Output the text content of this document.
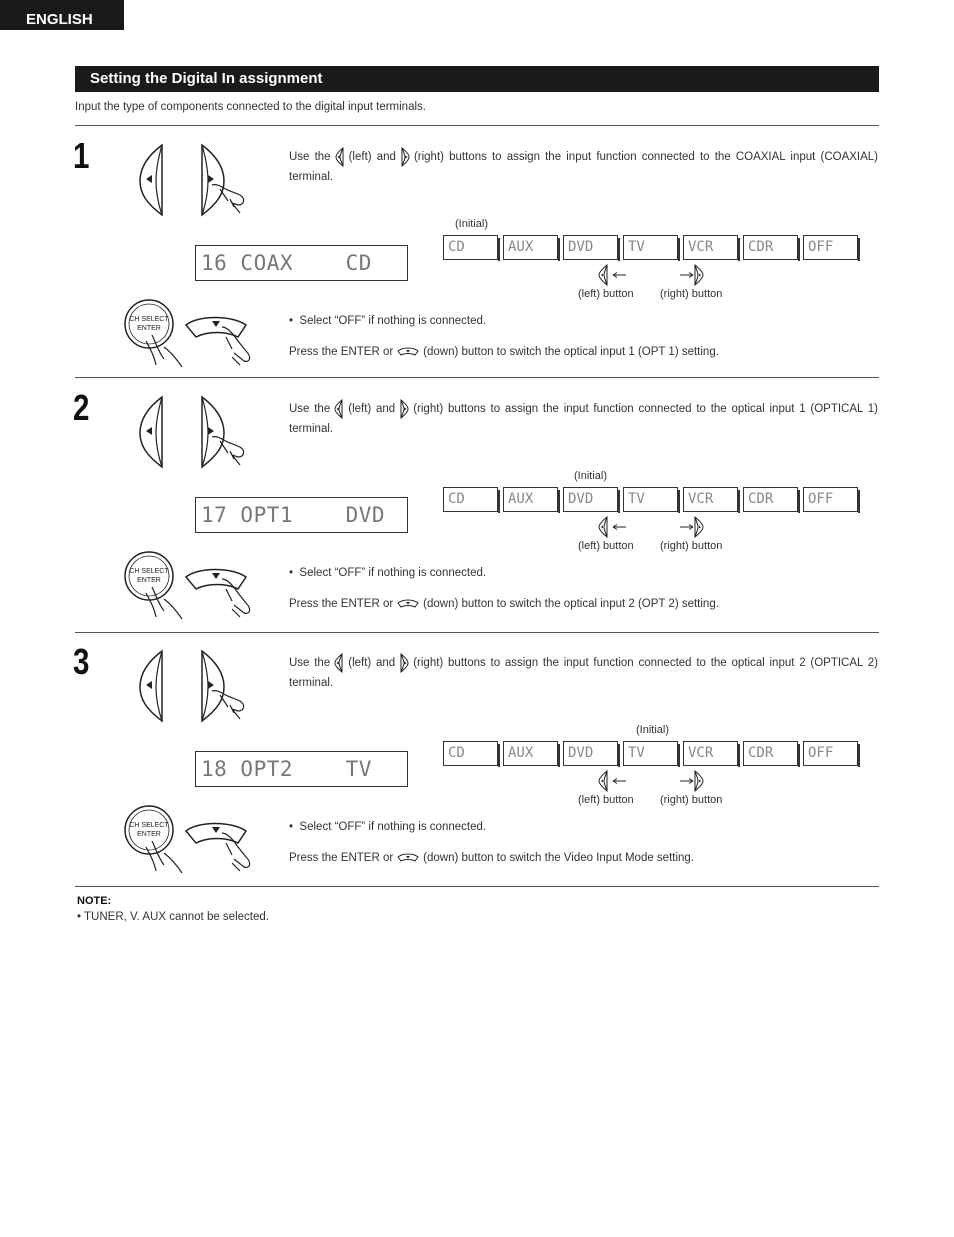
ENGLISH
Setting the Digital In assignment
Input the type of components connected to the digital input terminals.
1
16 COAX    CD
CH SELECT
ENTER
Use the (left) and (right) buttons to assign the input function connected to the COAXIAL input (COAXIAL) terminal.
(Initial)
CD	AUX	DVD	TV	VCR	CDR	OFF
(left) button (right) button
•  Select “OFF” if nothing is connected.
Press the ENTER or	(down) button to switch the optical input 1 (OPT 1) setting.
2
17 OPT1    DVD
CH SELECT
ENTER
Use the (left) and (right) buttons to assign the input function connected to the optical input 1 (OPTICAL 1) terminal.
(Initial)
CD	AUX	DVD	TV	VCR	CDR	OFF
(left) button (right) button
•  Select “OFF” if nothing is connected.
Press the ENTER or	(down) button to switch the optical input 2 (OPT 2) setting.
3
18 OPT2    TV
CH SELECT
ENTER
Use the (left) and (right) buttons to assign the input function connected to the optical input 2 (OPTICAL 2) terminal.
(Initial)
CD	AUX	DVD	TV	VCR	CDR	OFF
(left) button (right) button
•  Select “OFF” if nothing is connected.
Press the ENTER or	(down) button to switch the Video Input Mode setting.
NOTE:
• TUNER, V. AUX cannot be selected.
